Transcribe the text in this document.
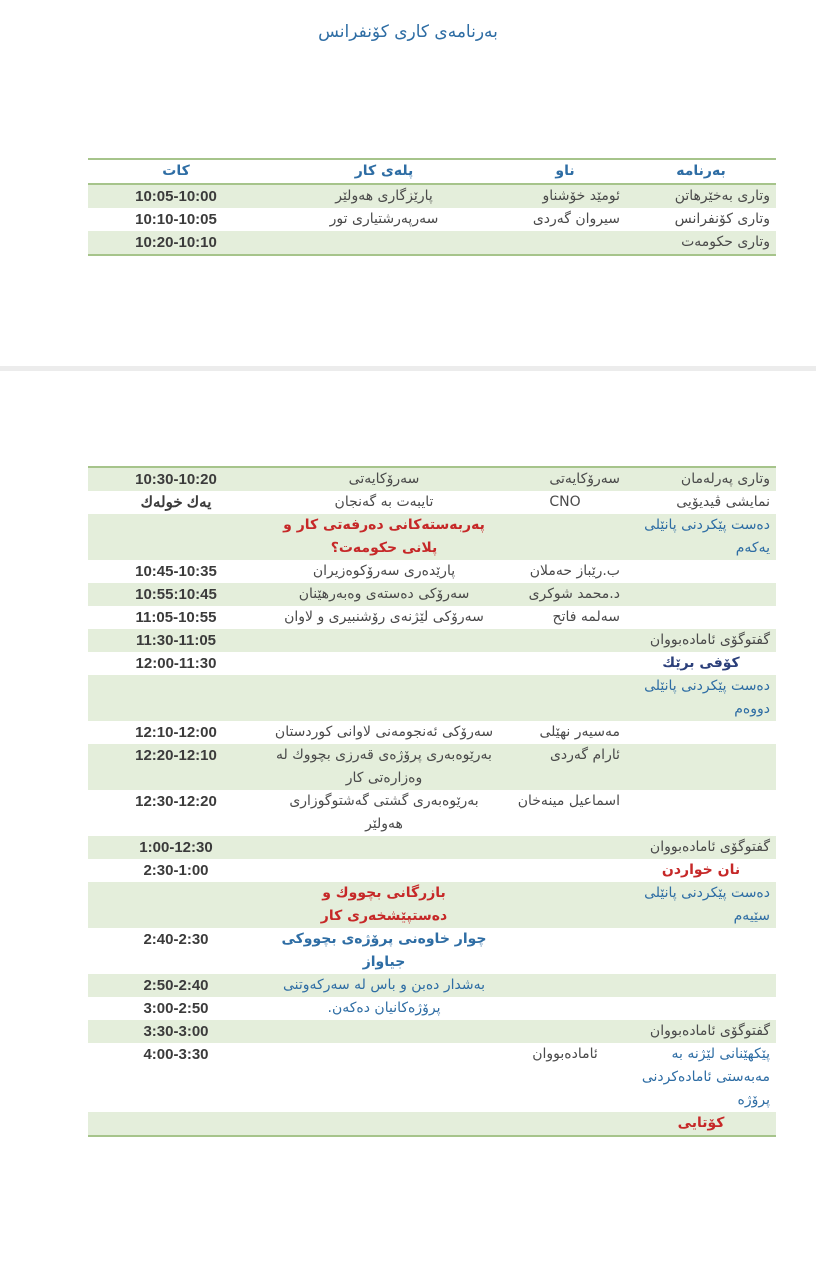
بەرنامەی کاری کۆنفرانس
بەرنامە	ناو	پلەی کار	کات
وتاری بەخێرهاتن	ئومێد خۆشناو	پارێزگاری هەولێر	10:05-10:00
وتاری کۆنفرانس	سیروان گەردی	سەرپەرشتیاری تور	10:10-10:05
وتاری حکومەت			10:20-10:10
وتاری پەرلەمان	سەرۆکایەتی	سەرۆکایەتی	10:30-10:20
نمایشی ڤیدیۆیی	CNO	تایبەت بە گەنجان	یەك خولەك
دەست پێکردنی پانێلی یەکەم		پەربەستەکانی دەرفەتی کار و پلانی حکومەت؟	
	ب.رێباز حەملان	پارێدەری سەرۆکوەزیران	10:45-10:35
	د.محمد شوکری	سەرۆکی دەستەی وەبەرهێنان	10:55:10:45
	سەلمە فاتح	سەرۆکی لێژنەی رۆشنبیری و لاوان	11:05-10:55
گفتوگۆی ئامادەبووان			11:30-11:05
کۆفی برێك			12:00-11:30
دەست پێکردنی پانێلی دووەم			
	مەسیەر نهێلی	سەرۆکی ئەنجومەنی لاوانی کوردستان	12:10-12:00
	ئارام گەردی	بەرێوەبەری پرۆژەی قەرزی بچووك لە وەزارەتی کار	12:20-12:10
	اسماعیل مینەخان	بەرێوەبەری گشتی گەشتوگوزاری هەولێر	12:30-12:20
گفتوگۆی ئامادەبووان			1:00-12:30
نان خواردن			2:30-1:00
دەست پێکردنی پانێلی سێیەم		بازرگانی بچووك و دەستپێشخەری کار	
		چوار خاوەنی پرۆژەی بچووکی جیاواز	2:40-2:30
		بەشدار دەبن و باس لە سەرکەوتنی	2:50-2:40
		پرۆژەکانیان دەکەن.	3:00-2:50
گفتوگۆی ئامادەبووان			3:30-3:00
پێکهێنانی لێژنە بە مەبەستی ئامادەکردنی پرۆژە	ئامادەبووان		4:00-3:30
کۆتایی			
